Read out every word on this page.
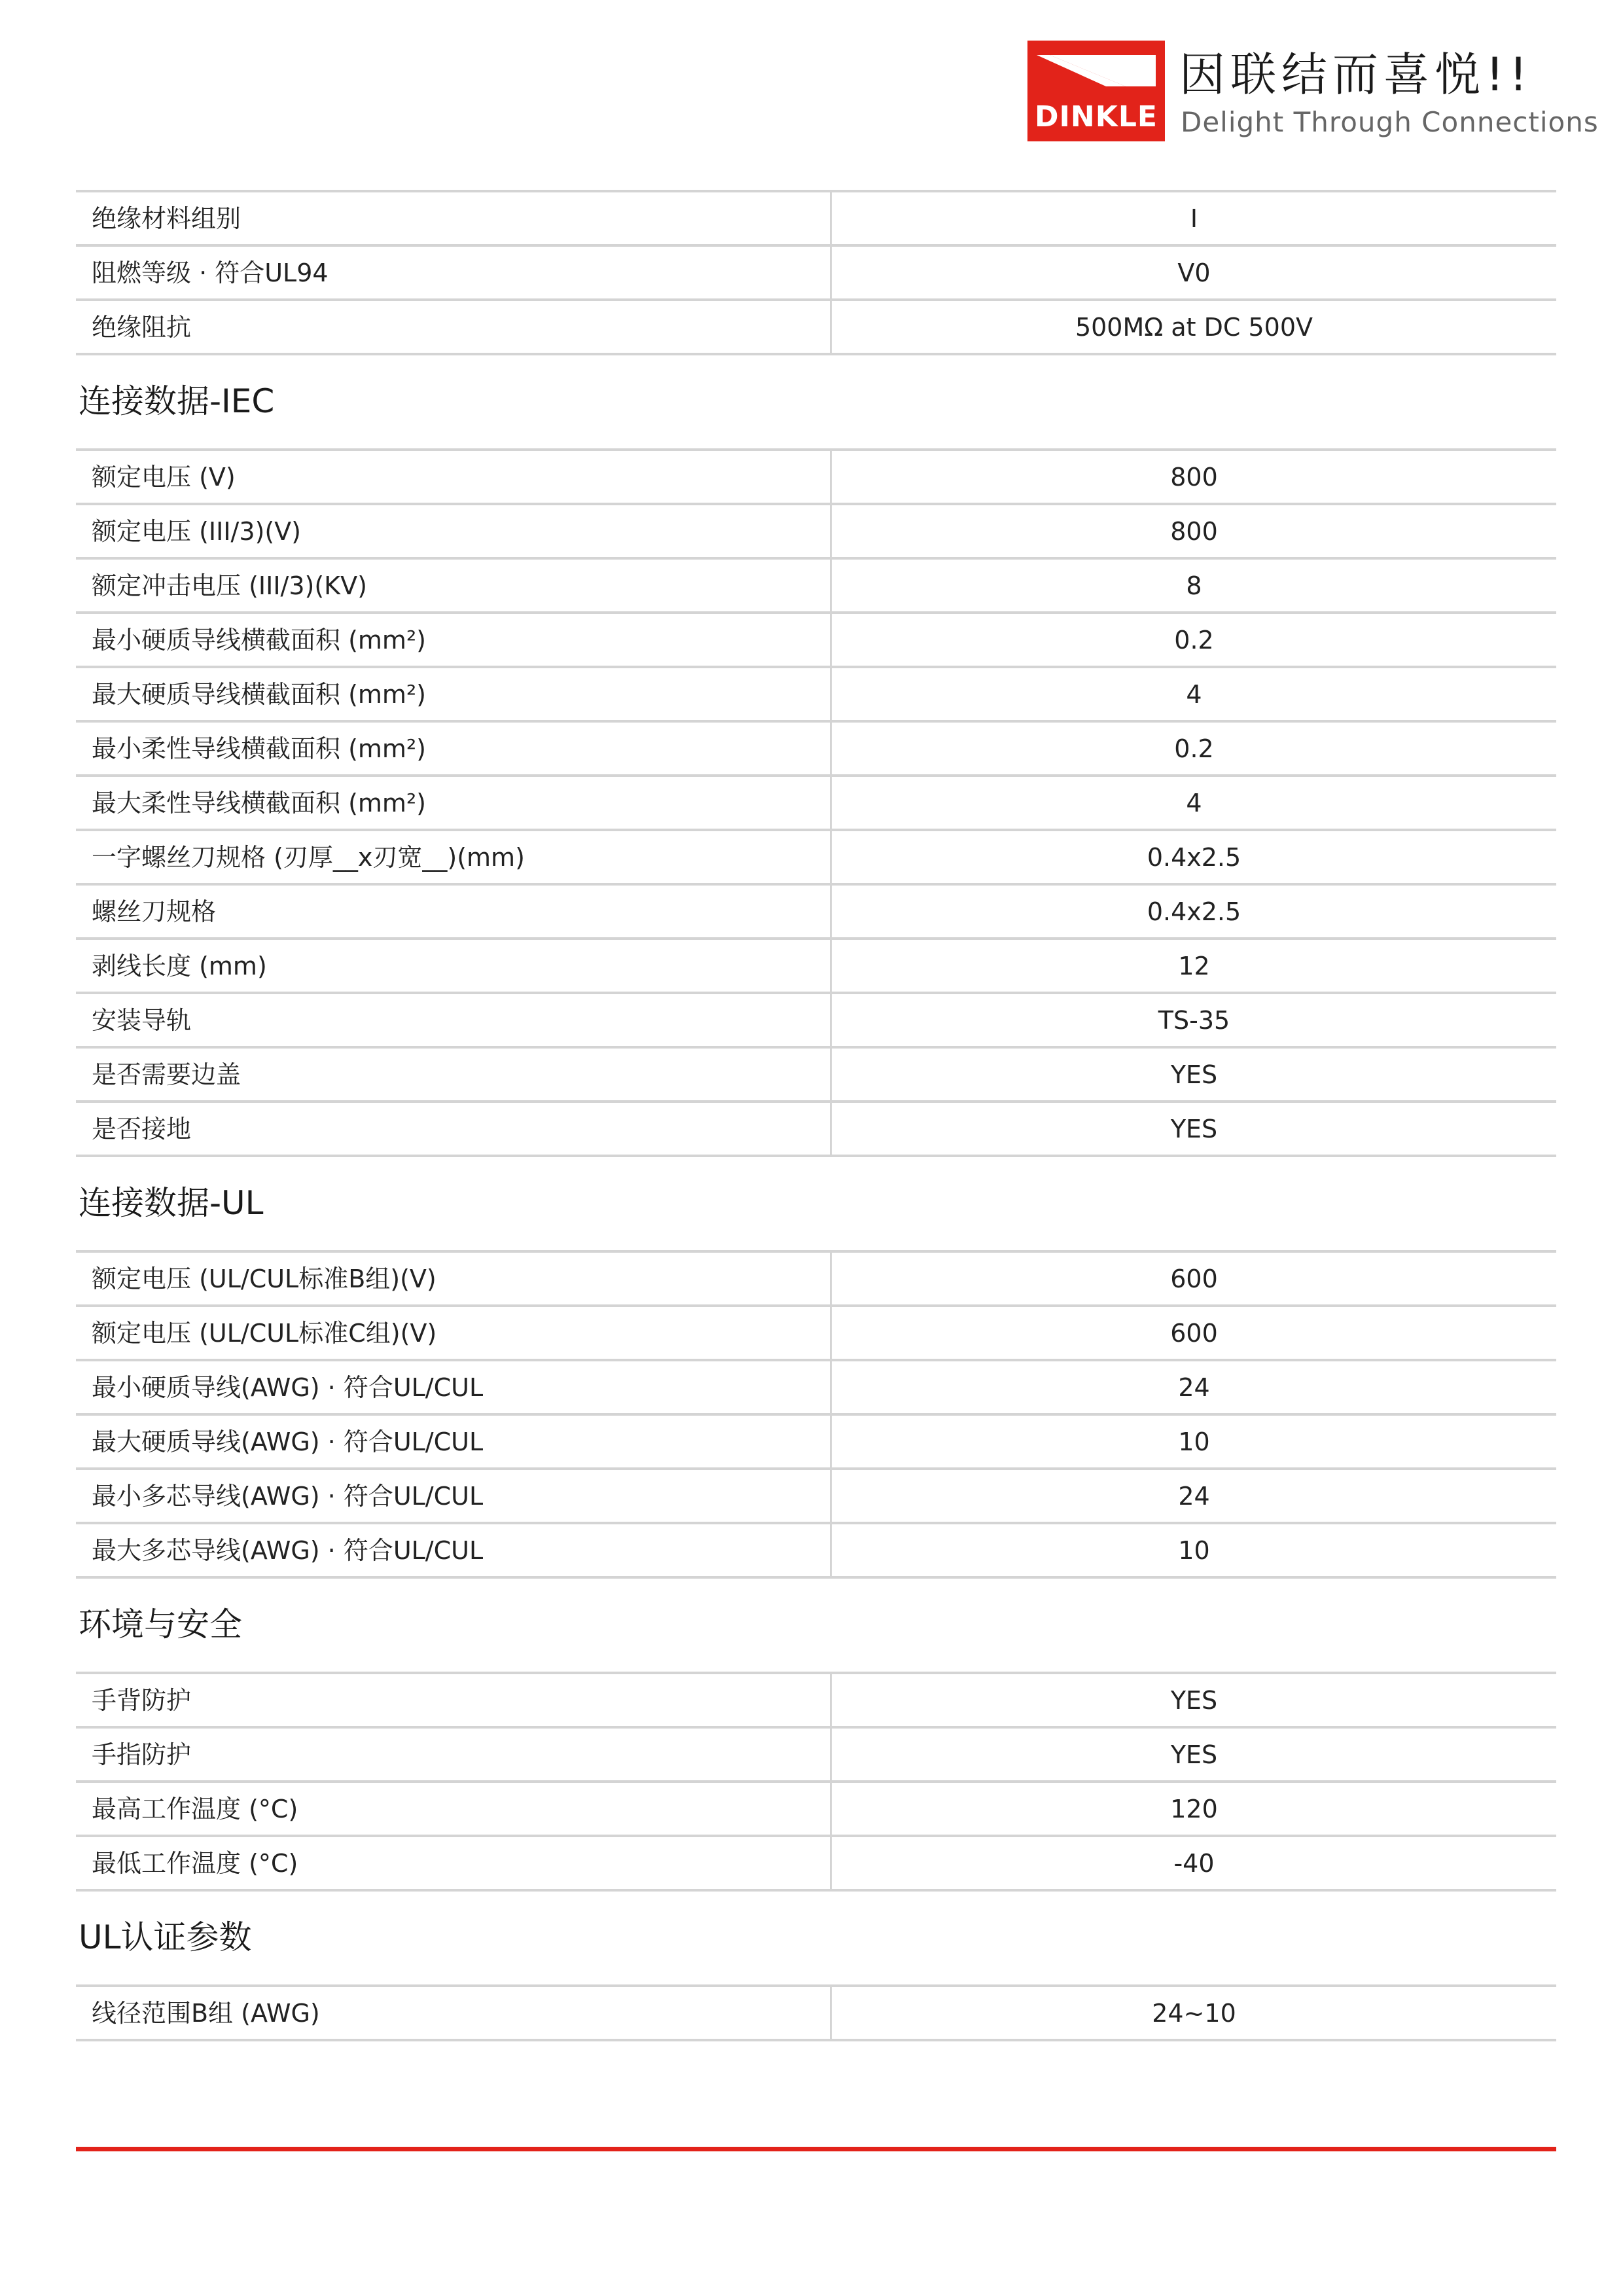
DINKLE
因联结而喜悦!!
Delight Through Connections
绝缘材料组别	I
阻燃等级 · 符合UL94	V0
绝缘阻抗	500MΩ at DC 500V
连接数据-IEC
额定电压 (V)	800
额定电压 (III/3)(V)	800
额定冲击电压 (III/3)(KV)	8
最小硬质导线横截面积 (mm²)	0.2
最大硬质导线横截面积 (mm²)	4
最小柔性导线横截面积 (mm²)	0.2
最大柔性导线横截面积 (mm²)	4
一字螺丝刀规格 (刃厚__x刃宽__)(mm)	0.4x2.5
螺丝刀规格	0.4x2.5
剥线长度 (mm)	12
安装导轨	TS-35
是否需要边盖	YES
是否接地	YES
连接数据-UL
额定电压 (UL/CUL标准B组)(V)	600
额定电压 (UL/CUL标准C组)(V)	600
最小硬质导线(AWG) · 符合UL/CUL	24
最大硬质导线(AWG) · 符合UL/CUL	10
最小多芯导线(AWG) · 符合UL/CUL	24
最大多芯导线(AWG) · 符合UL/CUL	10
环境与安全
手背防护	YES
手指防护	YES
最高工作温度 (°C)	120
最低工作温度 (°C)	-40
UL认证参数
线径范围B组 (AWG)	24~10
